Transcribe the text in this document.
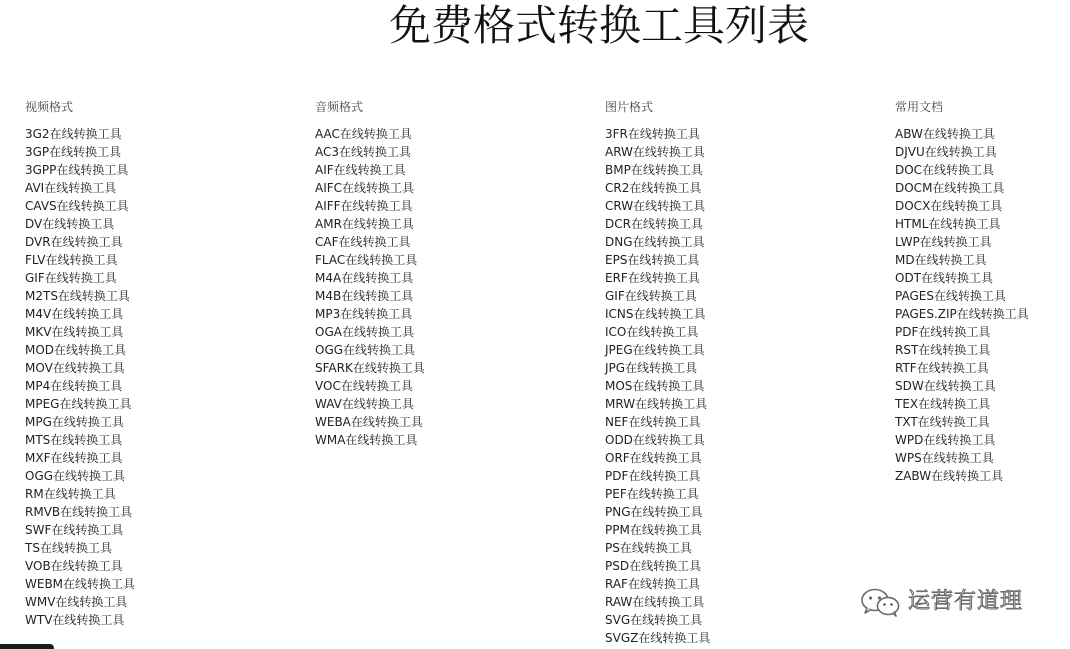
免费格式转换工具列表
视频格式
3G2在线转换工具
3GP在线转换工具
3GPP在线转换工具
AVI在线转换工具
CAVS在线转换工具
DV在线转换工具
DVR在线转换工具
FLV在线转换工具
GIF在线转换工具
M2TS在线转换工具
M4V在线转换工具
MKV在线转换工具
MOD在线转换工具
MOV在线转换工具
MP4在线转换工具
MPEG在线转换工具
MPG在线转换工具
MTS在线转换工具
MXF在线转换工具
OGG在线转换工具
RM在线转换工具
RMVB在线转换工具
SWF在线转换工具
TS在线转换工具
VOB在线转换工具
WEBM在线转换工具
WMV在线转换工具
WTV在线转换工具
音频格式
AAC在线转换工具
AC3在线转换工具
AIF在线转换工具
AIFC在线转换工具
AIFF在线转换工具
AMR在线转换工具
CAF在线转换工具
FLAC在线转换工具
M4A在线转换工具
M4B在线转换工具
MP3在线转换工具
OGA在线转换工具
OGG在线转换工具
SFARK在线转换工具
VOC在线转换工具
WAV在线转换工具
WEBA在线转换工具
WMA在线转换工具
图片格式
3FR在线转换工具
ARW在线转换工具
BMP在线转换工具
CR2在线转换工具
CRW在线转换工具
DCR在线转换工具
DNG在线转换工具
EPS在线转换工具
ERF在线转换工具
GIF在线转换工具
ICNS在线转换工具
ICO在线转换工具
JPEG在线转换工具
JPG在线转换工具
MOS在线转换工具
MRW在线转换工具
NEF在线转换工具
ODD在线转换工具
ORF在线转换工具
PDF在线转换工具
PEF在线转换工具
PNG在线转换工具
PPM在线转换工具
PS在线转换工具
PSD在线转换工具
RAF在线转换工具
RAW在线转换工具
SVG在线转换工具
SVGZ在线转换工具
常用文档
ABW在线转换工具
DJVU在线转换工具
DOC在线转换工具
DOCM在线转换工具
DOCX在线转换工具
HTML在线转换工具
LWP在线转换工具
MD在线转换工具
ODT在线转换工具
PAGES在线转换工具
PAGES.ZIP在线转换工具
PDF在线转换工具
RST在线转换工具
RTF在线转换工具
SDW在线转换工具
TEX在线转换工具
TXT在线转换工具
WPD在线转换工具
WPS在线转换工具
ZABW在线转换工具
运营有道理
